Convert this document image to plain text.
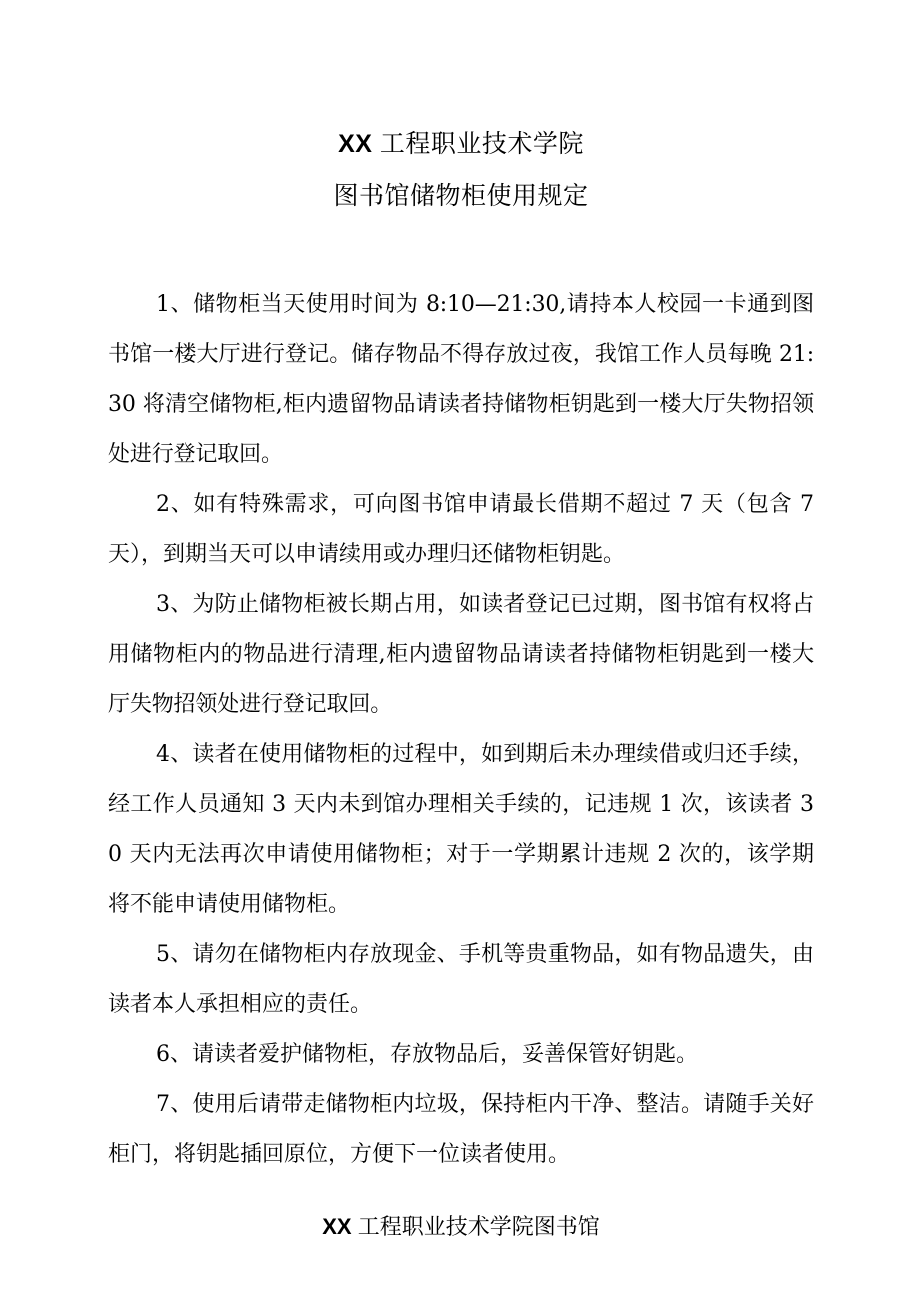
XX 工程职业技术学院
图书馆储物柜使用规定

1、储物柜当天使用时间为 8:10—21:30,请持本人校园一卡通到图书馆一楼大厅进行登记。储存物品不得存放过夜，我馆工作人员每晚 21:30 将清空储物柜,柜内遗留物品请读者持储物柜钥匙到一楼大厅失物招领处进行登记取回。

2、如有特殊需求，可向图书馆申请最长借期不超过 7 天（包含 7 天），到期当天可以申请续用或办理归还储物柜钥匙。

3、为防止储物柜被长期占用，如读者登记已过期，图书馆有权将占用储物柜内的物品进行清理,柜内遗留物品请读者持储物柜钥匙到一楼大厅失物招领处进行登记取回。

4、读者在使用储物柜的过程中，如到期后未办理续借或归还手续，经工作人员通知 3 天内未到馆办理相关手续的，记违规 1 次，该读者 30 天内无法再次申请使用储物柜；对于一学期累计违规 2 次的，该学期将不能申请使用储物柜。

5、请勿在储物柜内存放现金、手机等贵重物品，如有物品遗失，由读者本人承担相应的责任。

6、请读者爱护储物柜，存放物品后，妥善保管好钥匙。

7、使用后请带走储物柜内垃圾，保持柜内干净、整洁。请随手关好柜门，将钥匙插回原位，方便下一位读者使用。

XX 工程职业技术学院图书馆
